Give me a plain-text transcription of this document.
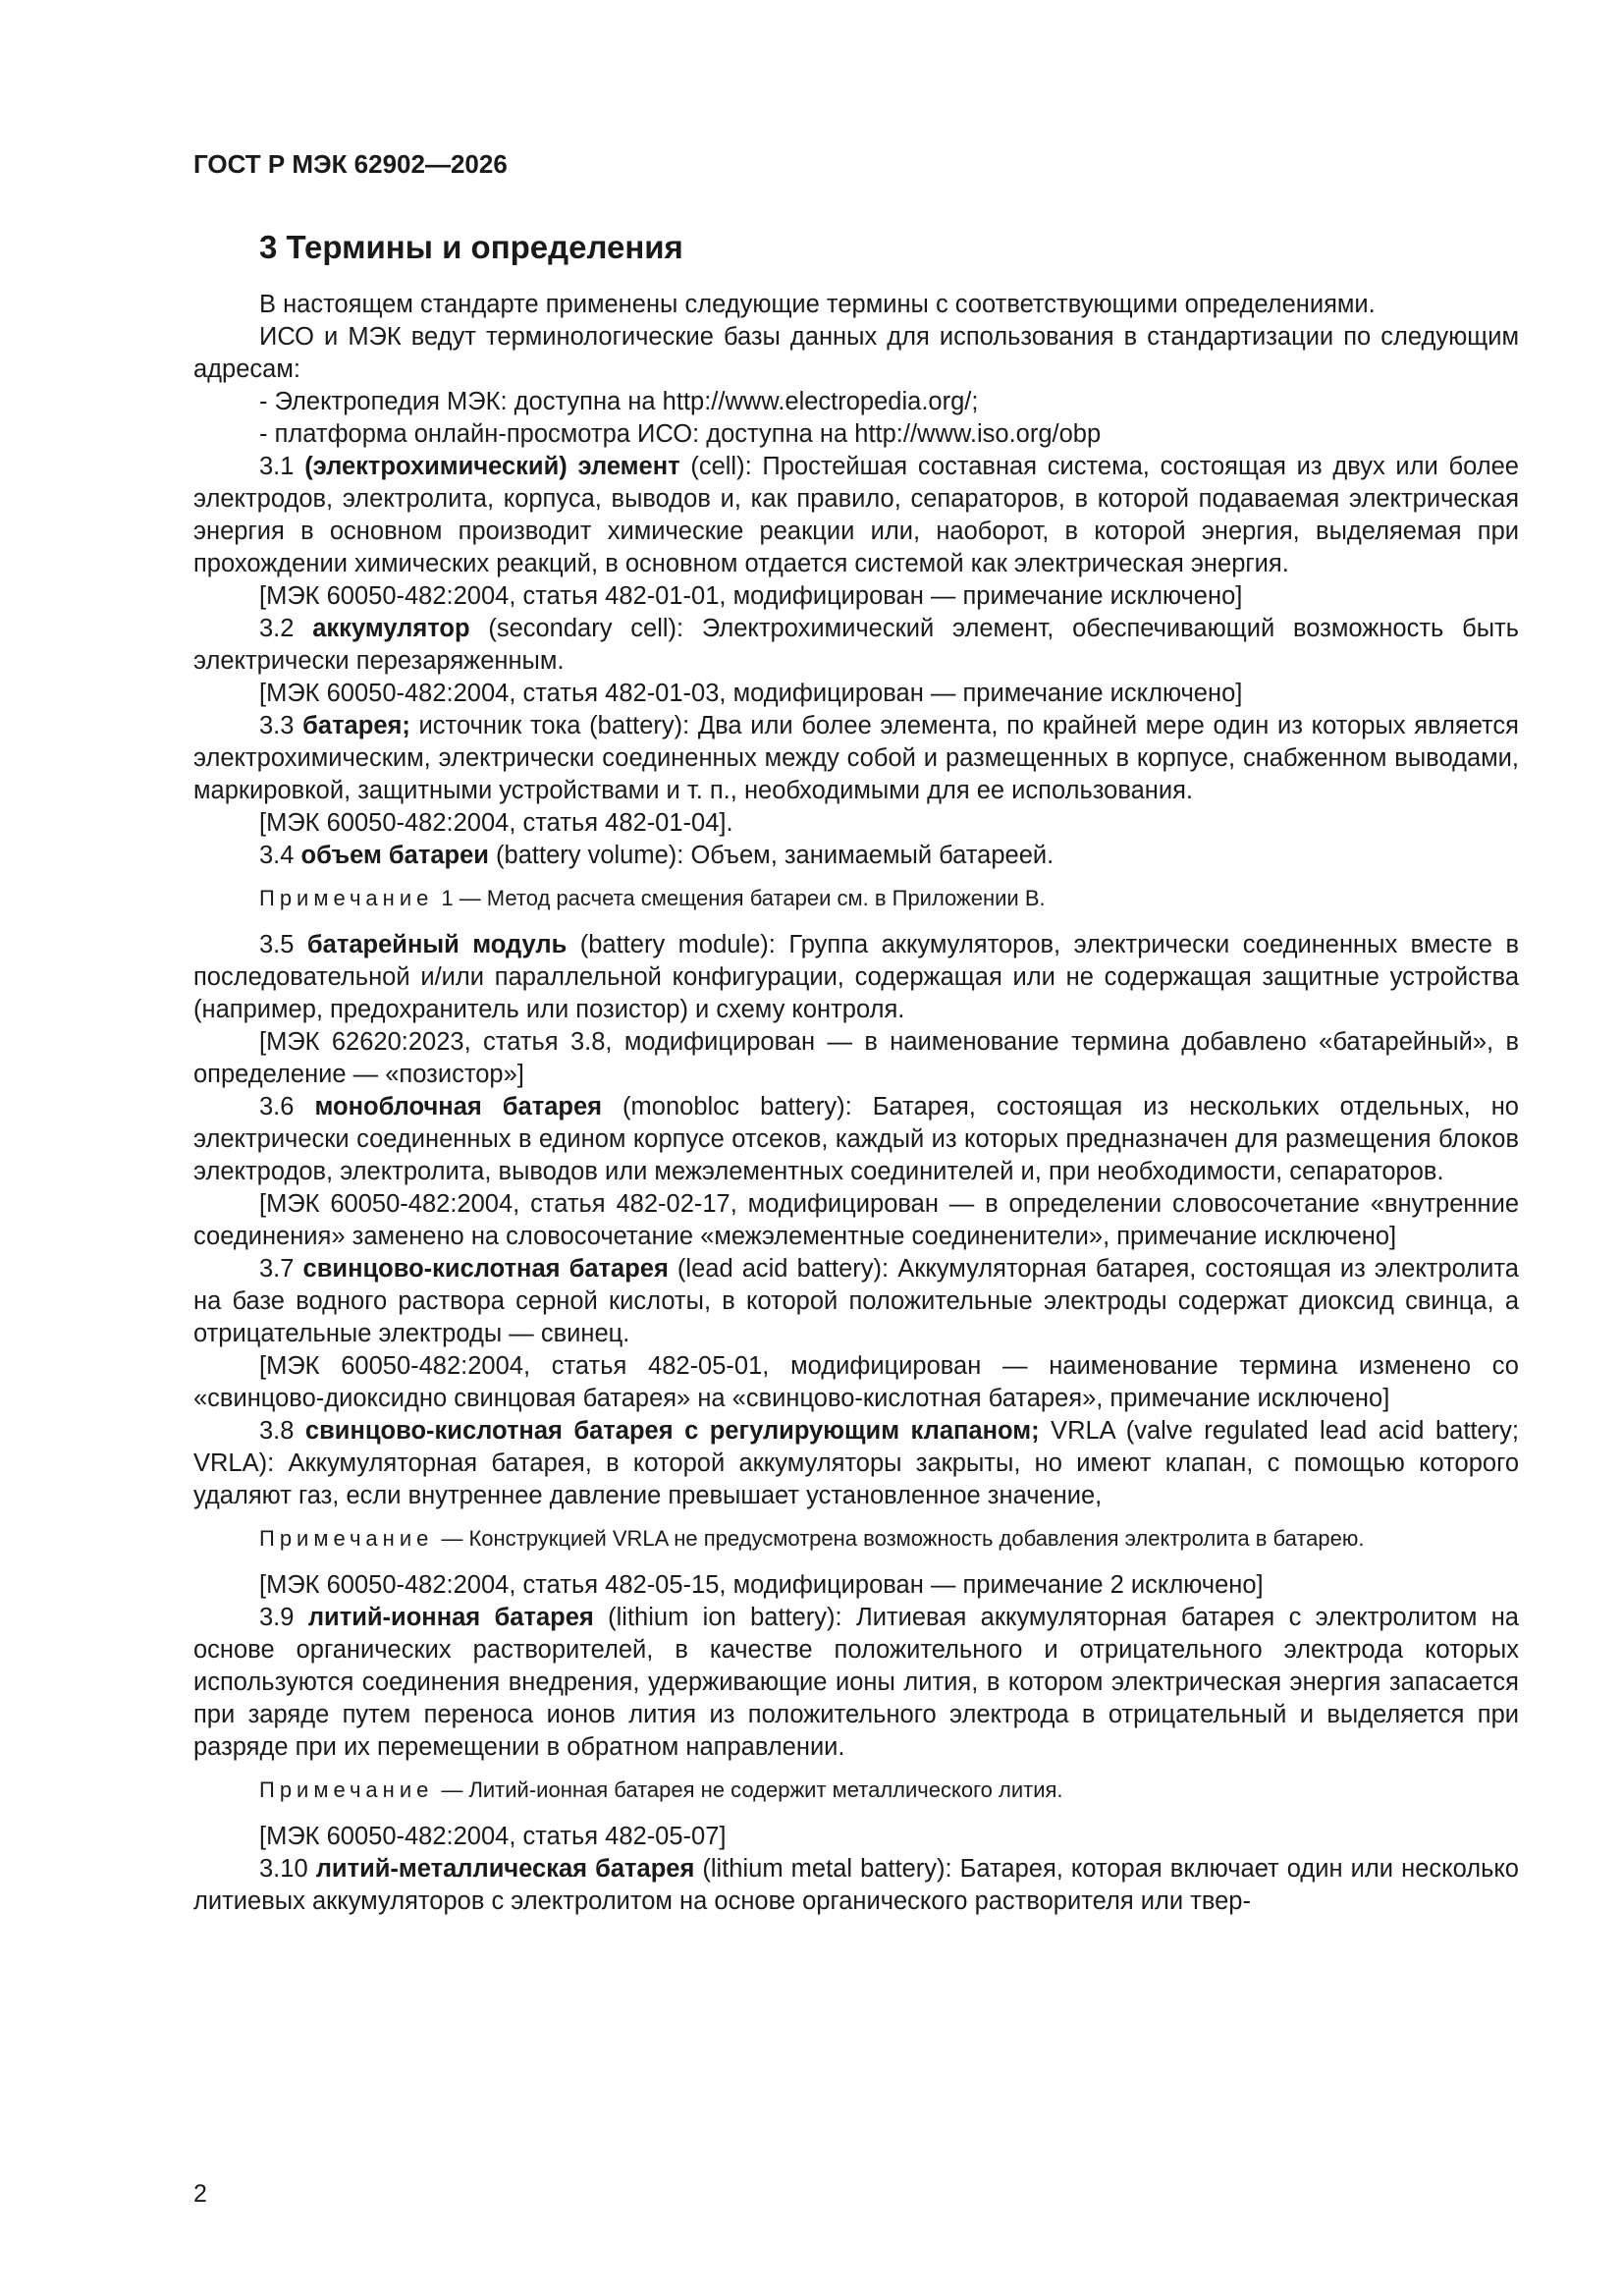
ГОСТ Р МЭК 62902—2026
3 Термины и определения

В настоящем стандарте применены следующие термины с соответствующими определениями.

ИСО и МЭК ведут терминологические базы данных для использования в стандартизации по следующим адресам:

- Электропедия МЭК: доступна на http://www.electropedia.org/;

- платформа онлайн-просмотра ИСО: доступна на http://www.iso.org/obp

3.1 (электрохимический) элемент (cell): Простейшая составная система, состоящая из двух или более электродов, электролита, корпуса, выводов и, как правило, сепараторов, в которой подаваемая электрическая энергия в основном производит химические реакции или, наоборот, в которой энергия, выделяемая при прохождении химических реакций, в основном отдается системой как электрическая энергия.

[МЭК 60050-482:2004, статья 482-01-01, модифицирован — примечание исключено]

3.2 аккумулятор (secondary cell): Электрохимический элемент, обеспечивающий возможность быть электрически перезаряженным.

[МЭК 60050-482:2004, статья 482-01-03, модифицирован — примечание исключено]

3.3 батарея; источник тока (battery): Два или более элемента, по крайней мере один из которых является электрохимическим, электрически соединенных между собой и размещенных в корпусе, снабженном выводами, маркировкой, защитными устройствами и т. п., необходимыми для ее использования.

[МЭК 60050-482:2004, статья 482-01-04].

3.4 объем батареи (battery volume): Объем, занимаемый батареей.

Примечание 1 — Метод расчета смещения батареи см. в Приложении В.

3.5 батарейный модуль (battery module): Группа аккумуляторов, электрически соединенных вместе в последовательной и/или параллельной конфигурации, содержащая или не содержащая защитные устройства (например, предохранитель или позистор) и схему контроля.

[МЭК 62620:2023, статья 3.8, модифицирован — в наименование термина добавлено «батарейный», в определение — «позистор»]

3.6 моноблочная батарея (monobloc battery): Батарея, состоящая из нескольких отдельных, но электрически соединенных в едином корпусе отсеков, каждый из которых предназначен для размещения блоков электродов, электролита, выводов или межэлементных соединителей и, при необходимости, сепараторов.

[МЭК 60050-482:2004, статья 482-02-17, модифицирован — в определении словосочетание «внутренние соединения» заменено на словосочетание «межэлементные соединенители», примечание исключено]

3.7 свинцово-кислотная батарея (lead acid battery): Аккумуляторная батарея, состоящая из электролита на базе водного раствора серной кислоты, в которой положительные электроды содержат диоксид свинца, а отрицательные электроды — свинец.

[МЭК 60050-482:2004, статья 482-05-01, модифицирован — наименование термина изменено со «свинцово-диоксидно свинцовая батарея» на «свинцово-кислотная батарея», примечание исключено]

3.8 свинцово-кислотная батарея с регулирующим клапаном; VRLA (valve regulated lead acid battery; VRLA): Аккумуляторная батарея, в которой аккумуляторы закрыты, но имеют клапан, с помощью которого удаляют газ, если внутреннее давление превышает установленное значение,

Примечание — Конструкцией VRLA не предусмотрена возможность добавления электролита в батарею.

[МЭК 60050-482:2004, статья 482-05-15, модифицирован — примечание 2 исключено]

3.9 литий-ионная батарея (lithium ion battery): Литиевая аккумуляторная батарея с электролитом на основе органических растворителей, в качестве положительного и отрицательного электрода которых используются соединения внедрения, удерживающие ионы лития, в котором электрическая энергия запасается при заряде путем переноса ионов лития из положительного электрода в отрицательный и выделяется при разряде при их перемещении в обратном направлении.

Примечание — Литий-ионная батарея не содержит металлического лития.

[МЭК 60050-482:2004, статья 482-05-07]

3.10 литий-металлическая батарея (lithium metal battery): Батарея, которая включает один или несколько литиевых аккумуляторов с электролитом на основе органического растворителя или твер-

2
